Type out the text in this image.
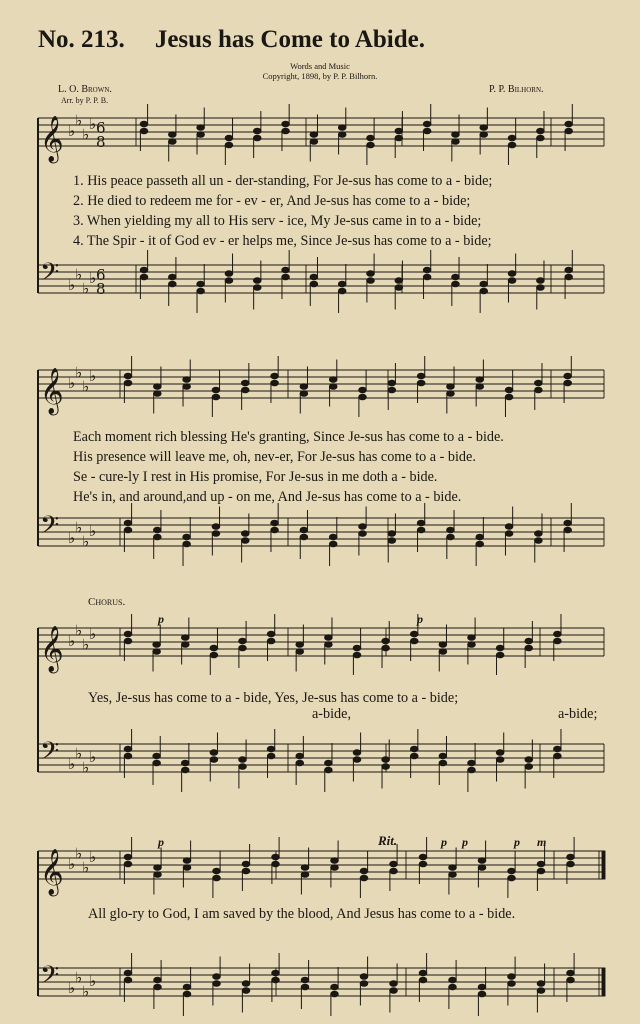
No. 213. Jesus has Come to Abide.
Words and Music
Copyright, 1898, by P. P. Bilhorn.
L. O. Brown.
Arr. by P. P. B.
P. P. Bilhorn.
𝄞
𝄢
♭
♭
♭
♭
♭
♭
♭
♭
6
8
6
8
𝄞
𝄢
♭
♭
♭
♭
♭
♭
♭
♭
𝄞
𝄢
♭
♭
♭
♭
♭
♭
♭
♭
𝄞
𝄢
♭
♭
♭
♭
♭
♭
♭
♭
1. His peace passeth all un - der-standing, For Je-sus has come to a - bide;
2. He died to redeem me for - ev - er, And Je-sus has come to a - bide;
3. When yielding my all to His serv - ice, My Je-sus came in to a - bide;
4. The Spir - it of God ev - er helps me, Since Je-sus has come to a - bide;
Each moment rich blessing He's granting, Since Je-sus has come to a - bide.
His presence will leave me, oh, nev-er, For Je-sus has come to a - bide.
Se - cure-ly I rest in His promise, For Je-sus in me doth a - bide.
He's in, and around,and up - on me, And Je-sus has come to a - bide.
Chorus.
Yes, Je-sus has come to a - bide, Yes, Je-sus has come to a - bide;
a-bide,	a-bide;
All glo-ry to God, I am saved by the blood, And Jesus has come to a - bide.
p	p
p	p p	p m
Rit.
